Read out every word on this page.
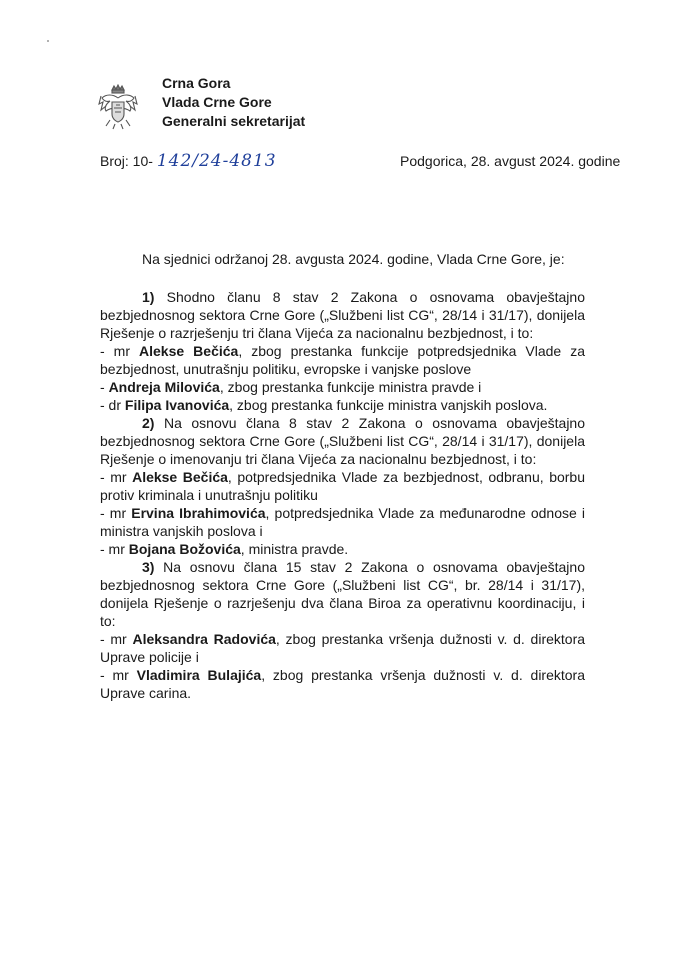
Crna Gora
Vlada Crne Gore
Generalni sekretarijat
Broj: 10- 142/24-4813	Podgorica, 28. avgust 2024. godine
Na sjednici održanoj 28. avgusta 2024. godine, Vlada Crne Gore, je:

1) Shodno članu 8 stav 2 Zakona o osnovama obavještajno bezbjednosnog sektora Crne Gore („Službeni list CG“, 28/14 i 31/17), donijela Rješenje o razrješenju tri člana Vijeća za nacionalnu bezbjednost, i to:

- mr Alekse Bečića, zbog prestanka funkcije potpredsjednika Vlade za bezbjednost, unutrašnju politiku, evropske i vanjske poslove

- Andreja Milovića, zbog prestanka funkcije ministra pravde i

- dr Filipa Ivanovića, zbog prestanka funkcije ministra vanjskih poslova.

2) Na osnovu člana 8 stav 2 Zakona o osnovama obavještajno bezbjednosnog sektora Crne Gore („Službeni list CG“, 28/14 i 31/17), donijela Rješenje o imenovanju tri člana Vijeća za nacionalnu bezbjednost, i to:

- mr Alekse Bečića, potpredsjednika Vlade za bezbjednost, odbranu, borbu protiv kriminala i unutrašnju politiku

- mr Ervina Ibrahimovića, potpredsjednika Vlade za međunarodne odnose i ministra vanjskih poslova i

- mr Bojana Božovića, ministra pravde.

3) Na osnovu člana 15 stav 2 Zakona o osnovama obavještajno bezbjednosnog sektora Crne Gore („Službeni list CG“, br. 28/14 i 31/17), donijela Rješenje o razrješenju dva člana Biroa za operativnu koordinaciju, i to:

- mr Aleksandra Radovića, zbog prestanka vršenja dužnosti v. d. direktora Uprave policije i

- mr Vladimira Bulajića, zbog prestanka vršenja dužnosti v. d. direktora Uprave carina.
